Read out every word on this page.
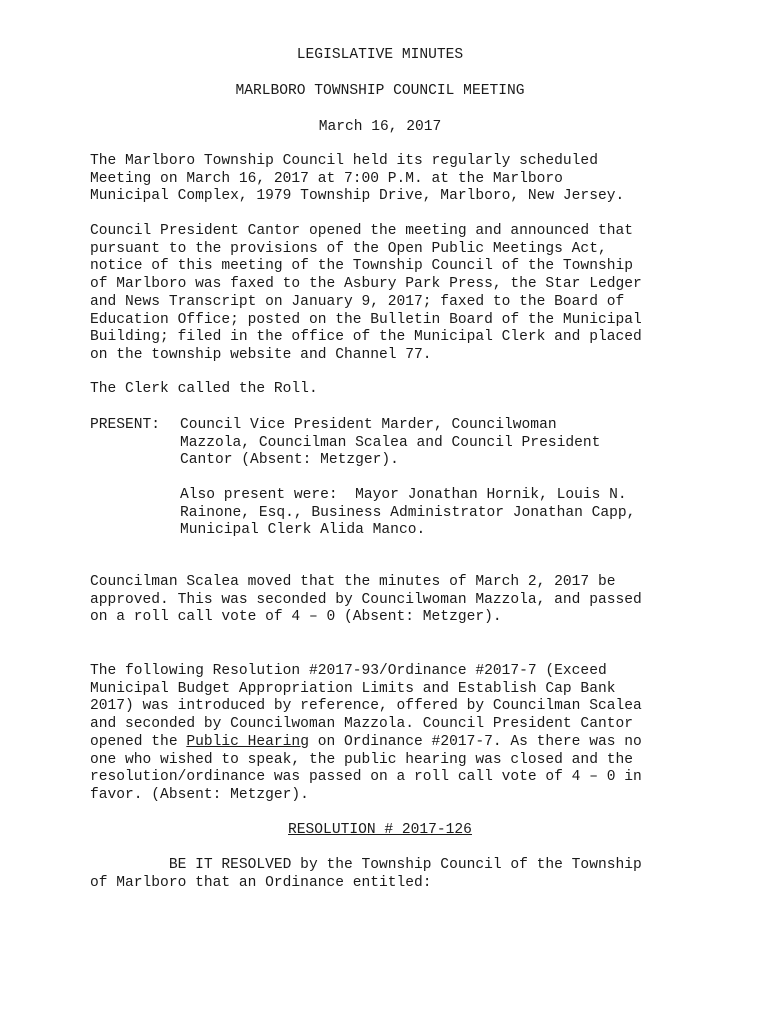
LEGISLATIVE MINUTES
MARLBORO TOWNSHIP COUNCIL MEETING
March 16, 2017
The Marlboro Township Council held its regularly scheduled
Meeting on March 16, 2017 at 7:00 P.M. at the Marlboro
Municipal Complex, 1979 Township Drive, Marlboro, New Jersey.
Council President Cantor opened the meeting and announced that
pursuant to the provisions of the Open Public Meetings Act,
notice of this meeting of the Township Council of the Township
of Marlboro was faxed to the Asbury Park Press, the Star Ledger
and News Transcript on January 9, 2017; faxed to the Board of
Education Office; posted on the Bulletin Board of the Municipal
Building; filed in the office of the Municipal Clerk and placed
on the township website and Channel 77.
The Clerk called the Roll.
PRESENT: Council Vice President Marder, Councilwoman
Mazzola, Councilman Scalea and Council President
Cantor (Absent: Metzger).
Also present were:  Mayor Jonathan Hornik, Louis N.
Rainone, Esq., Business Administrator Jonathan Capp,
Municipal Clerk Alida Manco.
Councilman Scalea moved that the minutes of March 2, 2017 be
approved. This was seconded by Councilwoman Mazzola, and passed
on a roll call vote of 4 – 0 (Absent: Metzger).
The following Resolution #2017-93/Ordinance #2017-7 (Exceed
Municipal Budget Appropriation Limits and Establish Cap Bank
2017) was introduced by reference, offered by Councilman Scalea
and seconded by Councilwoman Mazzola. Council President Cantor
opened the Public Hearing on Ordinance #2017-7. As there was no
one who wished to speak, the public hearing was closed and the
resolution/ordinance was passed on a roll call vote of 4 – 0 in
favor. (Absent: Metzger).
RESOLUTION # 2017-126
BE IT RESOLVED by the Township Council of the Township
of Marlboro that an Ordinance entitled:
